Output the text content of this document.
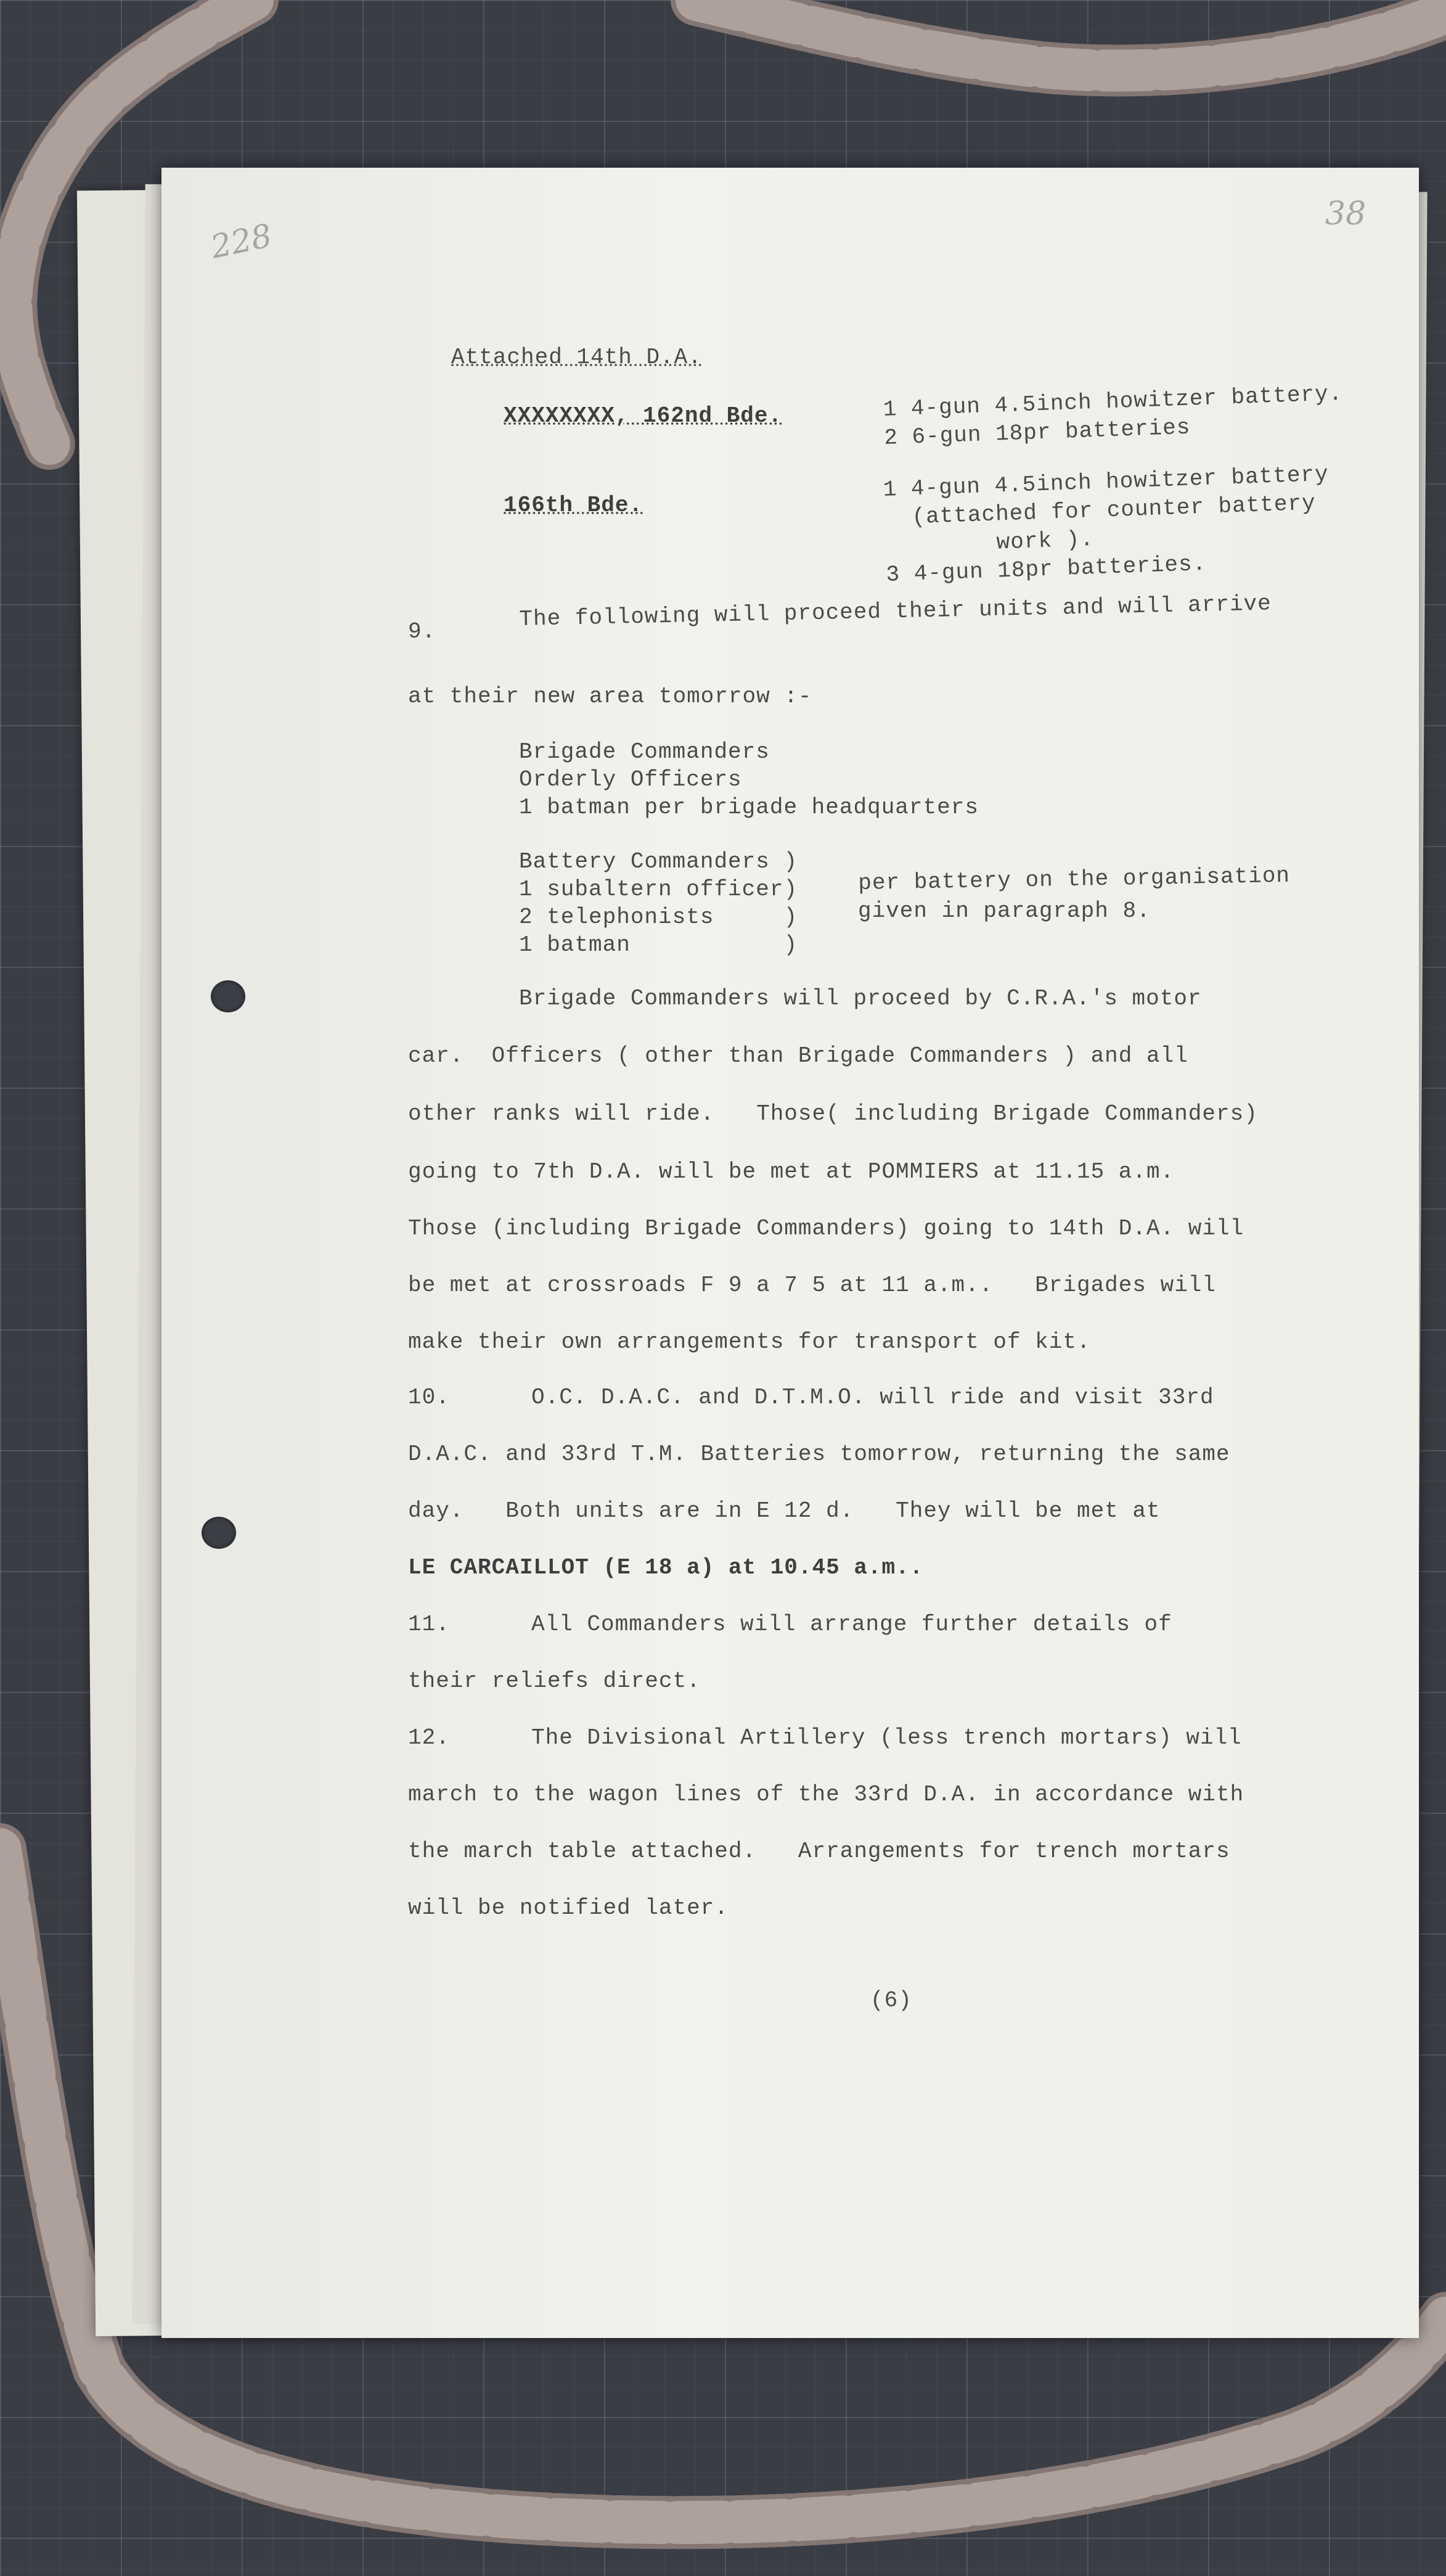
228
38
Attached 14th D.A.
XXXXXXXX, 162nd Bde.	1 4-gun 4.5inch howitzer battery.
2 6-gun 18pr batteries
166th Bde.
1 4-gun 4.5inch howitzer battery
(attached for counter battery
work ).
3 4-gun 18pr batteries.
9.	The following will proceed their units and will arrive
at their new area tomorrow :-
Brigade Commanders
Orderly Officers
1 batman per brigade headquarters
Battery Commanders )
1 subaltern officer)
2 telephonists     )
1 batman           )
per battery on the organisation
given in paragraph 8.
Brigade Commanders will proceed by C.R.A.'s motor
car.  Officers ( other than Brigade Commanders ) and all
other ranks will ride.   Those( including Brigade Commanders)
going to 7th D.A. will be met at POMMIERS at 11.15 a.m.
Those (including Brigade Commanders) going to 14th D.A. will
be met at crossroads F 9 a 7 5 at 11 a.m..   Brigades will
make their own arrangements for transport of kit.
10.	O.C. D.A.C. and D.T.M.O. will ride and visit 33rd
D.A.C. and 33rd T.M. Batteries tomorrow, returning the same
day.   Both units are in E 12 d.   They will be met at
LE CARCAILLOT (E 18 a) at 10.45 a.m..
11.	All Commanders will arrange further details of
their reliefs direct.
12.	The Divisional Artillery (less trench mortars) will
march to the wagon lines of the 33rd D.A. in accordance with
the march table attached.   Arrangements for trench mortars
will be notified later.
(6)
